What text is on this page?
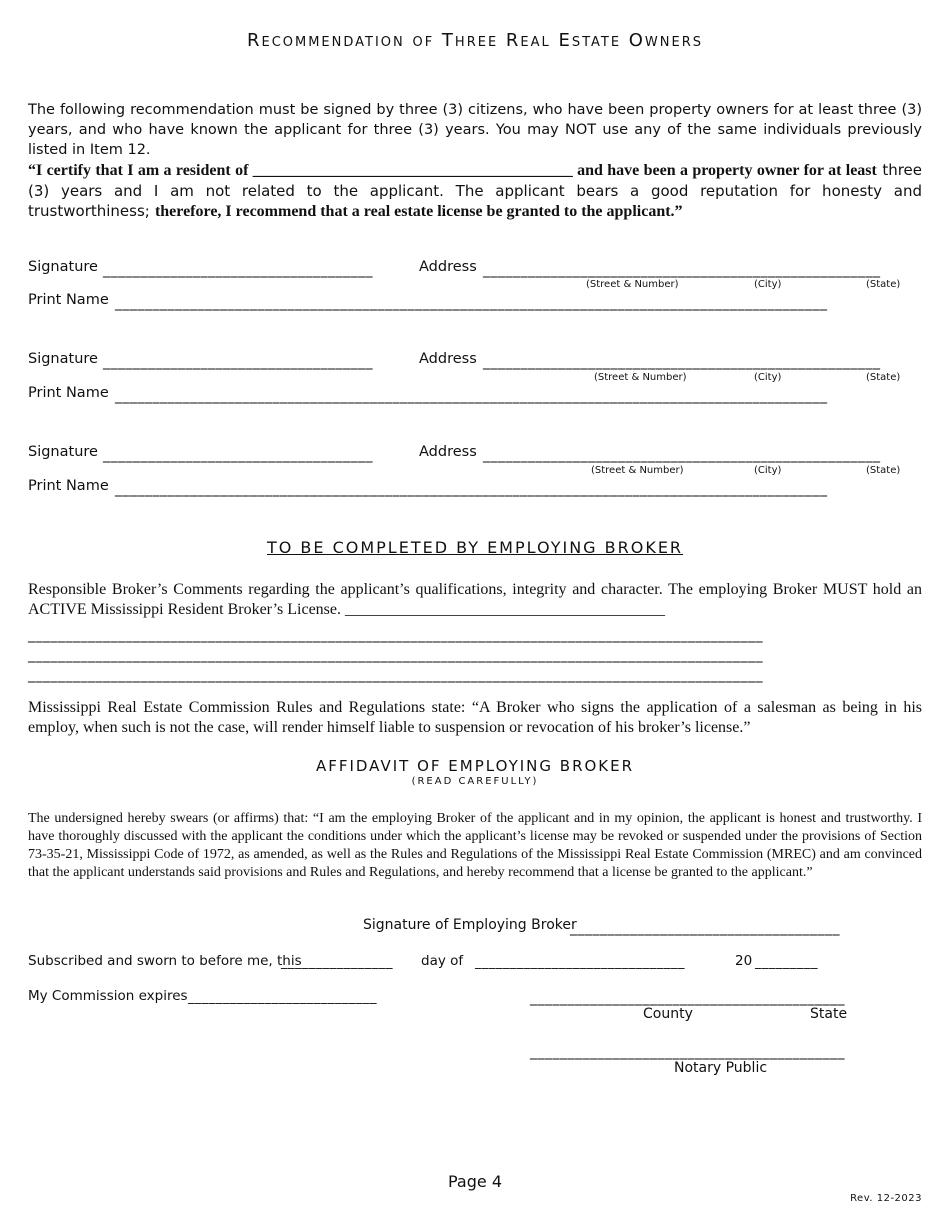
Recommendation of Three Real Estate Owners
The following recommendation must be signed by three (3) citizens, who have been property owners for at least three (3) years, and who have known the applicant for three (3) years. You may NOT use any of the same individuals previously listed in Item 12.
“I certify that I am a resident of ________________________________________ and have been a property owner for at least three (3) years and I am not related to the applicant. The applicant bears a good reputation for honesty and trustworthiness; therefore, I recommend that a real estate license be granted to the applicant.”
Signature ____________________________________	Address _____________________________________________________
(Street & Number)	(City)	(State)
Print Name _______________________________________________________________________________________________
Signature ____________________________________	Address _____________________________________________________
(Street & Number)	(City)	(State)
Print Name _______________________________________________________________________________________________
Signature ____________________________________	Address _____________________________________________________
(Street & Number)	(City)	(State)
Print Name _______________________________________________________________________________________________
TO BE COMPLETED BY EMPLOYING BROKER
Responsible Broker’s Comments regarding the applicant’s qualifications, integrity and character. The employing Broker MUST hold an ACTIVE Mississippi Resident Broker’s License. ________________________________________
__________________________________________________________________________________________________
__________________________________________________________________________________________________
__________________________________________________________________________________________________
Mississippi Real Estate Commission Rules and Regulations state: “A Broker who signs the application of a salesman as being in his employ, when such is not the case, will render himself liable to suspension or revocation of his broker’s license.”
AFFIDAVIT OF EMPLOYING BROKER
(READ CAREFULLY)
The undersigned hereby swears (or affirms) that: “I am the employing Broker of the applicant and in my opinion, the applicant is honest and trustworthy. I have thoroughly discussed with the applicant the conditions under which the applicant’s license may be revoked or suspended under the provisions of Section 73-35-21, Mississippi Code of 1972, as amended, as well as the Rules and Regulations of the Mississippi Real Estate Commission (MREC) and am convinced that the applicant understands said provisions and Rules and Regulations, and hereby recommend that a license be granted to the applicant.”
Signature of Employing Broker
____________________________________
Subscribed and sworn to before me, this
________________ day of ______________________________	20 _________
My Commission expires ___________________________	__________________________________________
County	State
__________________________________________
Notary Public
Page 4
Rev. 12-2023
